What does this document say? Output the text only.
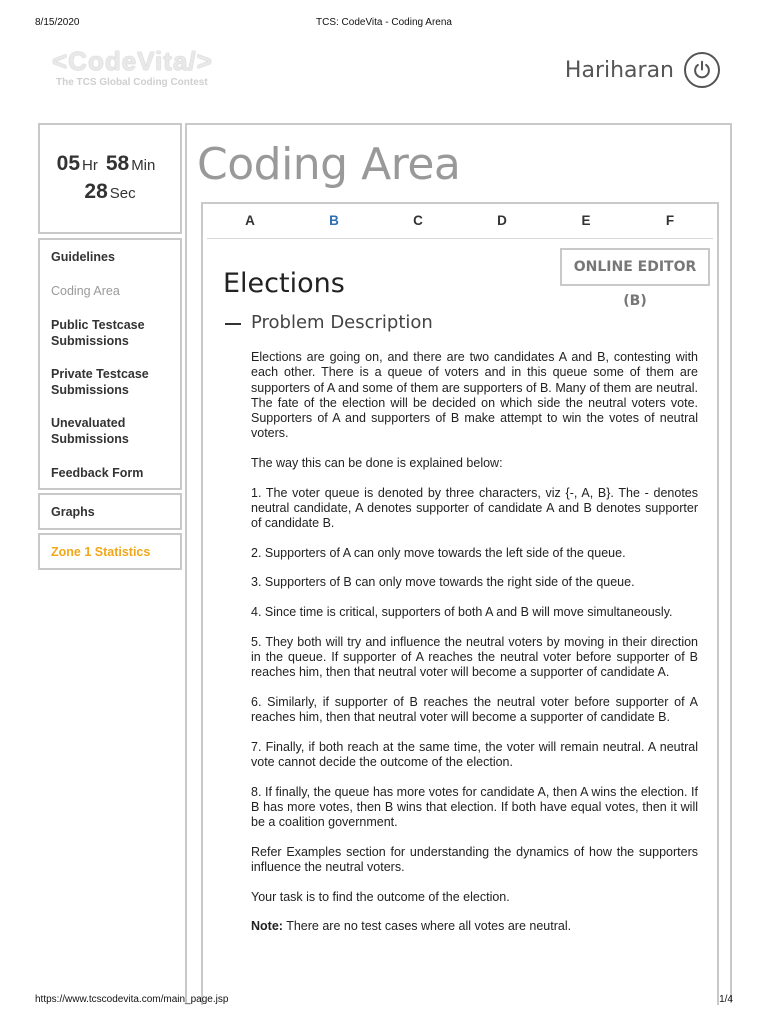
8/15/2020	TCS: CodeVita - Coding Arena
<CodeVita/>
The TCS Global Coding Contest	Hariharan
05 Hr 58 Min
28 Sec
Guidelines
Coding Area
Public Testcase Submissions
Private Testcase Submissions
Unevaluated Submissions
Feedback Form
Graphs
Zone 1 Statistics
Coding Area
A	B	C	D	E	F
ONLINE EDITOR (B)
Elections
Problem Description

Elections are going on, and there are two candidates A and B, contesting with each other. There is a queue of voters and in this queue some of them are supporters of A and some of them are supporters of B. Many of them are neutral. The fate of the election will be decided on which side the neutral voters vote. Supporters of A and supporters of B make attempt to win the votes of neutral voters.

The way this can be done is explained below:

1. The voter queue is denoted by three characters, viz {-, A, B}. The - denotes neutral candidate, A denotes supporter of candidate A and B denotes supporter of candidate B.

2. Supporters of A can only move towards the left side of the queue.

3. Supporters of B can only move towards the right side of the queue.

4. Since time is critical, supporters of both A and B will move simultaneously.

5. They both will try and influence the neutral voters by moving in their direction in the queue. If supporter of A reaches the neutral voter before supporter of B reaches him, then that neutral voter will become a supporter of candidate A.

6. Similarly, if supporter of B reaches the neutral voter before supporter of A reaches him, then that neutral voter will become a supporter of candidate B.

7. Finally, if both reach at the same time, the voter will remain neutral. A neutral vote cannot decide the outcome of the election.

8. If finally, the queue has more votes for candidate A, then A wins the election. If B has more votes, then B wins that election. If both have equal votes, then it will be a coalition government.

Refer Examples section for understanding the dynamics of how the supporters influence the neutral voters.

Your task is to find the outcome of the election.

Note: There are no test cases where all votes are neutral.

https://www.tcscodevita.com/main_page.jsp	1/4
